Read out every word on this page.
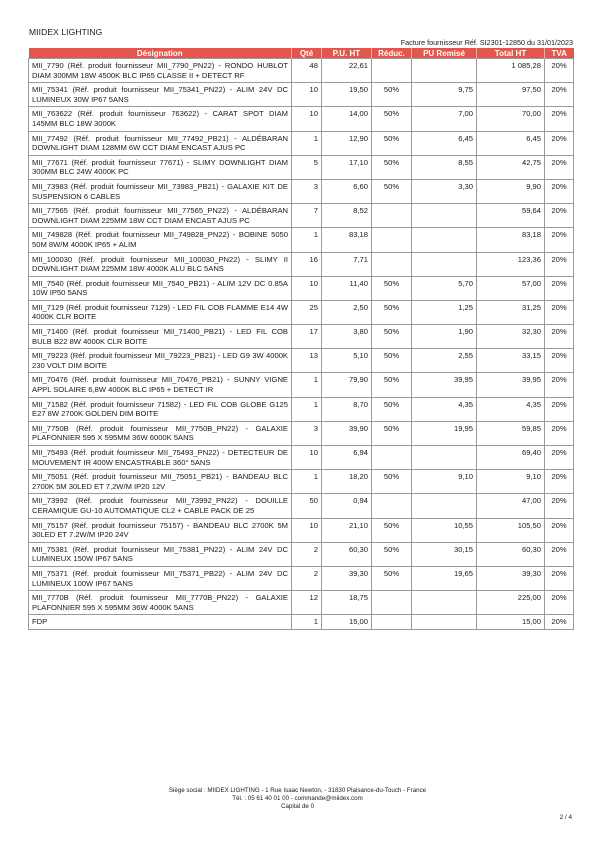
MIIDEX LIGHTING
Facture fournisseur Réf. SI2301-12850 du 31/01/2023
Désignation	Qté	P.U. HT	Réduc.	PU Remisé	Total HT	TVA
MII_7790 (Réf. produit fournisseur MII_7790_PN22) - RONDO HUBLOT DIAM 300MM 18W 4500K BLC IP65 CLASSE II + DETECT RF	48	22,61			1 085,28	20%
MII_75341 (Réf. produit fournisseur MII_75341_PN22) - ALIM 24V DC LUMINEUX 30W IP67 5ANS	10	19,50	50%	9,75	97,50	20%
MII_763622 (Réf. produit fournisseur 763622) - CARAT SPOT DIAM 145MM BLC 18W 3000K	10	14,00	50%	7,00	70,00	20%
MII_77492 (Réf. produit fournisseur MII_77492_PB21) - ALDÉBARAN DOWNLIGHT DIAM 128MM 6W CCT DIAM ENCAST AJUS PC	1	12,90	50%	6,45	6,45	20%
MII_77671 (Réf. produit fournisseur 77671) - SLIMY DOWNLIGHT DIAM 300MM BLC 24W 4000K PC	5	17,10	50%	8,55	42,75	20%
MII_73983 (Réf. produit fournisseur MII_73983_PB21) - GALAXIE KIT DE SUSPENSION 6 CABLES	3	6,60	50%	3,30	9,90	20%
MII_77565 (Réf. produit fournisseur MII_77565_PN22) - ALDÉBARAN DOWNLIGHT DIAM 225MM 18W CCT DIAM ENCAST AJUS PC	7	8,52			59,64	20%
MII_749828 (Réf. produit fournisseur MII_749828_PN22) - BOBINE 5050 50M 8W/M 4000K IP65 + ALIM	1	83,18			83,18	20%
MII_100030 (Réf. produit fournisseur MII_100030_PN22) - SLIMY II DOWNLIGHT DIAM 225MM 18W 4000K ALU BLC 5ANS	16	7,71			123,36	20%
MII_7540 (Réf. produit fournisseur MII_7540_PB21) - ALIM 12V DC 0.85A 10W IP50 5ANS	10	11,40	50%	5,70	57,00	20%
MII_7129 (Réf. produit fournisseur 7129) - LED FIL COB FLAMME E14 4W 4000K CLR BOITE	25	2,50	50%	1,25	31,25	20%
MII_71400 (Réf. produit fournisseur MII_71400_PB21) - LED FIL COB BULB B22 8W 4000K CLR BOITE	17	3,80	50%	1,90	32,30	20%
MII_79223 (Réf. produit fournisseur MII_79223_PB21) - LED G9 3W 4000K 230 VOLT DIM BOITE	13	5,10	50%	2,55	33,15	20%
MII_70476 (Réf. produit fournisseur MII_70476_PB21) - SUNNY VIGNE APPL SOLAIRE 6,8W 4000K BLC IP65 + DETECT IR	1	79,90	50%	39,95	39,95	20%
MII_71582 (Réf. produit fournisseur 71582) - LED FIL COB GLOBE G125 E27 8W 2700K GOLDEN DIM BOITE	1	8,70	50%	4,35	4,35	20%
MII_7750B (Réf. produit fournisseur MII_7750B_PN22) - GALAXIE PLAFONNIER 595 X 595MM 36W 6000K 5ANS	3	39,90	50%	19,95	59,85	20%
MII_75493 (Réf. produit fournisseur MII_75493_PN22) - DETECTEUR DE MOUVEMENT IR 400W ENCASTRABLE 360° 5ANS	10	6,94			69,40	20%
MII_75051 (Réf. produit fournisseur MII_75051_PB21) - BANDEAU BLC 2700K 5M 30LED ET 7,2W/M IP20 12V	1	18,20	50%	9,10	9,10	20%
MII_73992 (Réf. produit fournisseur MII_73992_PN22) - DOUILLE CERAMIQUE GU-10 AUTOMATIQUE CL2 + CABLE PACK DE 25	50	0,94			47,00	20%
MII_75157 (Réf. produit fournisseur 75157) - BANDEAU BLC 2700K 5M 30LED ET 7.2W/M IP20 24V	10	21,10	50%	10,55	105,50	20%
MII_75381 (Réf. produit fournisseur MII_75381_PN22) - ALIM 24V DC LUMINEUX 150W IP67 5ANS	2	60,30	50%	30,15	60,30	20%
MII_75371 (Réf. produit fournisseur MII_75371_PB22) - ALIM 24V DC LUMINEUX 100W IP67 5ANS	2	39,30	50%	19,65	39,30	20%
MII_7770B (Réf. produit fournisseur MII_7770B_PN22) - GALAXIE PLAFONNIER 595 X 595MM 36W 4000K 5ANS	12	18,75			225,00	20%
FDP	1	15,00			15,00	20%
Siège social : MIIDEX LIGHTING - 1 Rue Isaac Newton, - 31830 Plaisance-du-Touch - France
Tél. : 05 61 40 01 00 - commande@miidex.com
Capital de 0
2 / 4
